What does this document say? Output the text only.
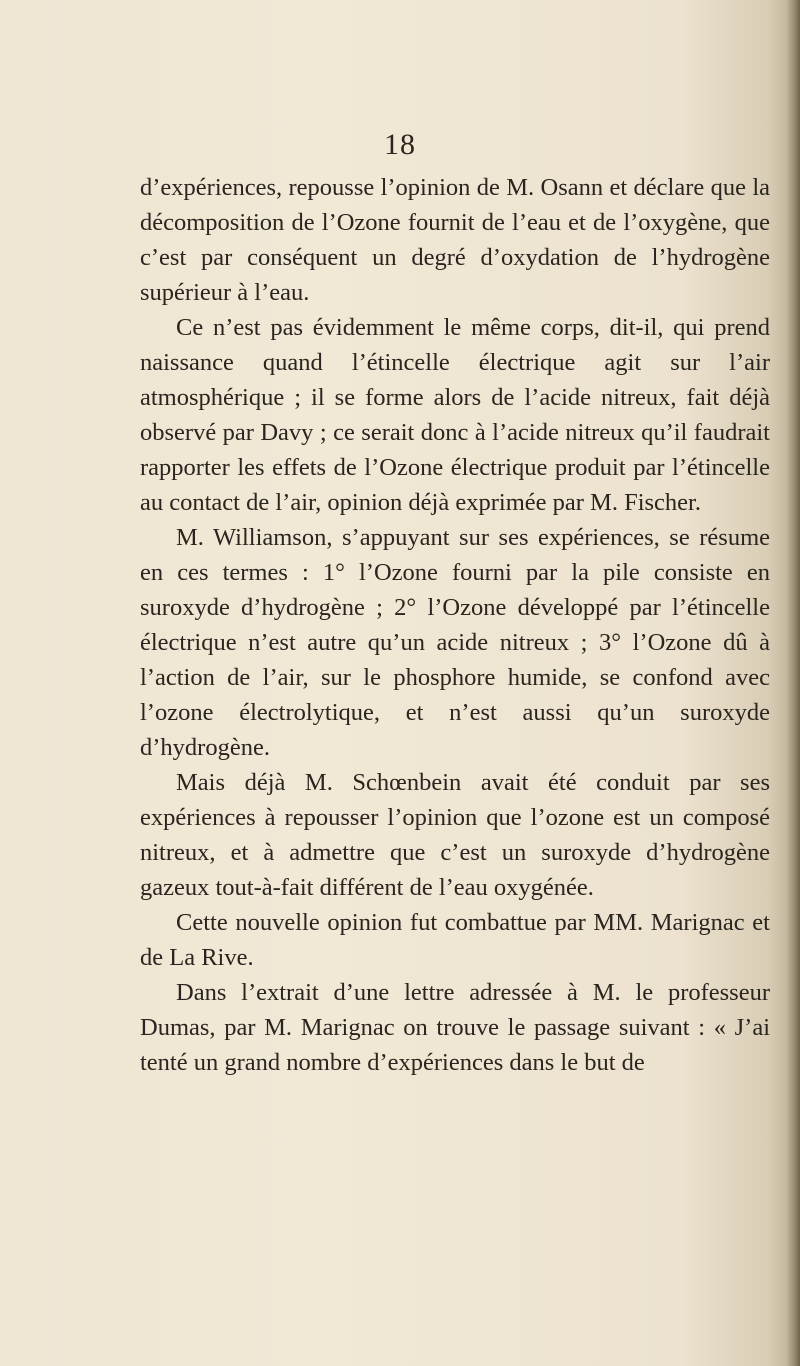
18

d’expériences, repousse l’opinion de M. Osann et déclare que la décomposition de l’Ozone fournit de l’eau et de l’oxygène, que c’est par conséquent un degré d’oxydation de l’hydrogène supérieur à l’eau.

Ce n’est pas évidemment le même corps, dit-il, qui prend naissance quand l’étincelle électrique agit sur l’air atmosphérique ; il se forme alors de l’acide nitreux, fait déjà observé par Davy ; ce serait donc à l’acide nitreux qu’il faudrait rapporter les effets de l’Ozone électrique produit par l’étincelle au contact de l’air, opinion déjà exprimée par M. Fischer.

M. Williamson, s’appuyant sur ses expériences, se résume en ces termes : 1° l’Ozone fourni par la pile consiste en suroxyde d’hydrogène ; 2° l’Ozone développé par l’étincelle électrique n’est autre qu’un acide nitreux ; 3° l’Ozone dû à l’action de l’air, sur le phosphore humide, se confond avec l’ozone électrolytique, et n’est aussi qu’un suroxyde d’hydrogène.

Mais déjà M. Schœnbein avait été conduit par ses expériences à repousser l’opinion que l’ozone est un composé nitreux, et à admettre que c’est un suroxyde d’hydrogène gazeux tout-à-fait différent de l’eau oxygénée.

Cette nouvelle opinion fut combattue par MM. Marignac et de La Rive.

Dans l’extrait d’une lettre adressée à M. le professeur Dumas, par M. Marignac on trouve le passage suivant : « J’ai tenté un grand nombre d’expériences dans le but de
